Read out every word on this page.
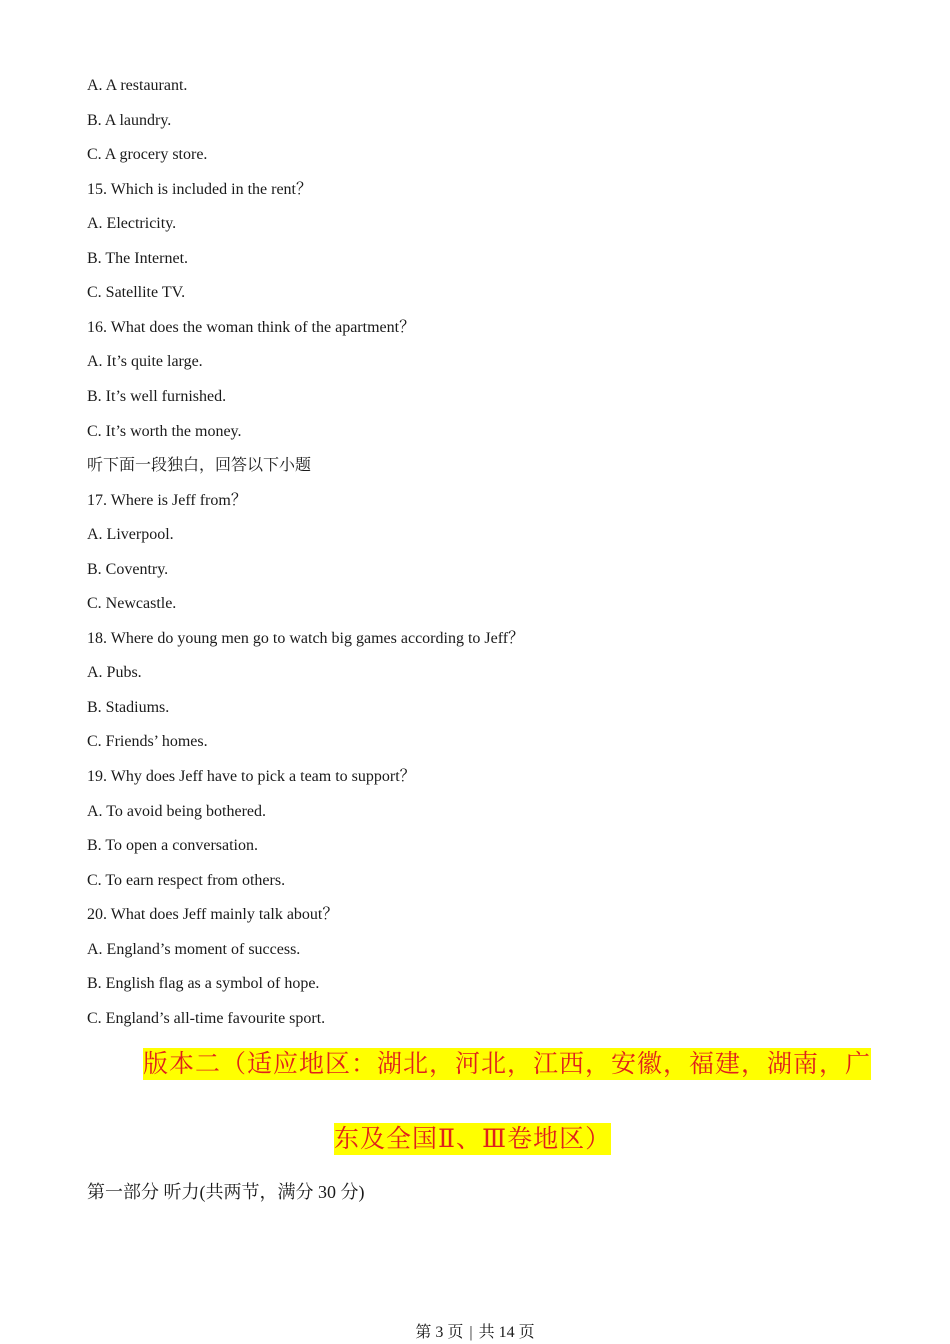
A. A restaurant.
B. A laundry.
C. A grocery store.
15. Which is included in the rent？
A. Electricity.
B. The Internet.
C. Satellite TV.
16. What does the woman think of the apartment？
A. It’s quite large.
B. It’s well furnished.
C. It’s worth the money.
听下面一段独白，回答以下小题
17. Where is Jeff from？
A. Liverpool.
B. Coventry.
C. Newcastle.
18. Where do young men go to watch big games according to Jeff？
A. Pubs.
B. Stadiums.
C. Friends’ homes.
19. Why does Jeff have to pick a team to support？
A. To avoid being bothered.
B. To open a conversation.
C. To earn respect from others.
20. What does Jeff mainly talk about？
A. England’s moment of success.
B. English flag as a symbol of hope.
C. England’s all-time favourite sport.
版本二（适应地区：湖北，河北，江西，安徽，福建，湖南，广
东及全国Ⅱ、Ⅲ卷地区）
第一部分 听力(共两节，满分 30 分)
第 3 页 | 共 14 页
